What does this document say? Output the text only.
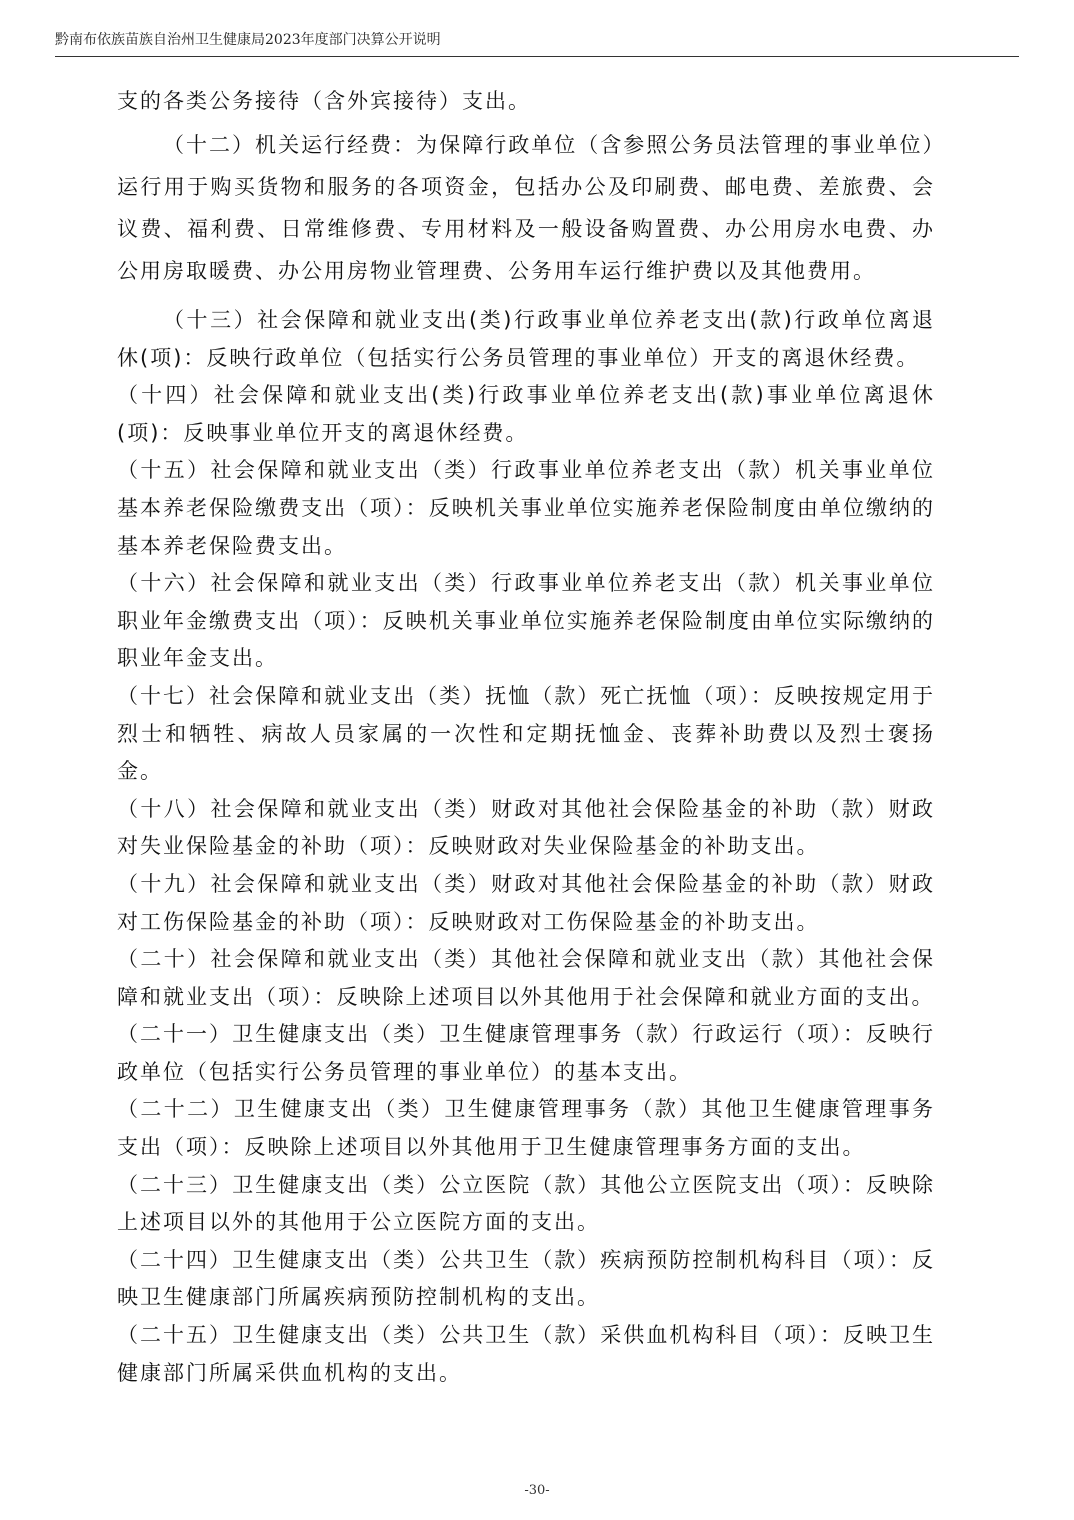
黔南布依族苗族自治州卫生健康局2023年度部门决算公开说明

支的各类公务接待（含外宾接待）支出。

（十二）机关运行经费：为保障行政单位（含参照公务员法管理的事业单位）运行用于购买货物和服务的各项资金，包括办公及印刷费、邮电费、差旅费、会议费、福利费、日常维修费、专用材料及一般设备购置费、办公用房水电费、办公用房取暖费、办公用房物业管理费、公务用车运行维护费以及其他费用。

（十三）社会保障和就业支出(类)行政事业单位养老支出(款)行政单位离退休(项)：反映行政单位（包括实行公务员管理的事业单位）开支的离退休经费。

（十四）社会保障和就业支出(类)行政事业单位养老支出(款)事业单位离退休(项)：反映事业单位开支的离退休经费。

（十五）社会保障和就业支出（类）行政事业单位养老支出（款）机关事业单位基本养老保险缴费支出（项）：反映机关事业单位实施养老保险制度由单位缴纳的基本养老保险费支出。

（十六）社会保障和就业支出（类）行政事业单位养老支出（款）机关事业单位职业年金缴费支出（项）：反映机关事业单位实施养老保险制度由单位实际缴纳的职业年金支出。

（十七）社会保障和就业支出（类）抚恤（款）死亡抚恤（项）：反映按规定用于烈士和牺牲、病故人员家属的一次性和定期抚恤金、丧葬补助费以及烈士褒扬金。

（十八）社会保障和就业支出（类）财政对其他社会保险基金的补助（款）财政对失业保险基金的补助（项）：反映财政对失业保险基金的补助支出。

（十九）社会保障和就业支出（类）财政对其他社会保险基金的补助（款）财政对工伤保险基金的补助（项）：反映财政对工伤保险基金的补助支出。

（二十）社会保障和就业支出（类）其他社会保障和就业支出（款）其他社会保障和就业支出（项）：反映除上述项目以外其他用于社会保障和就业方面的支出。

（二十一）卫生健康支出（类）卫生健康管理事务（款）行政运行（项）：反映行政单位（包括实行公务员管理的事业单位）的基本支出。

（二十二）卫生健康支出（类）卫生健康管理事务（款）其他卫生健康管理事务支出（项）：反映除上述项目以外其他用于卫生健康管理事务方面的支出。

（二十三）卫生健康支出（类）公立医院（款）其他公立医院支出（项）：反映除上述项目以外的其他用于公立医院方面的支出。

（二十四）卫生健康支出（类）公共卫生（款）疾病预防控制机构科目（项）：反映卫生健康部门所属疾病预防控制机构的支出。

（二十五）卫生健康支出（类）公共卫生（款）采供血机构科目（项）：反映卫生健康部门所属采供血机构的支出。

-30-
